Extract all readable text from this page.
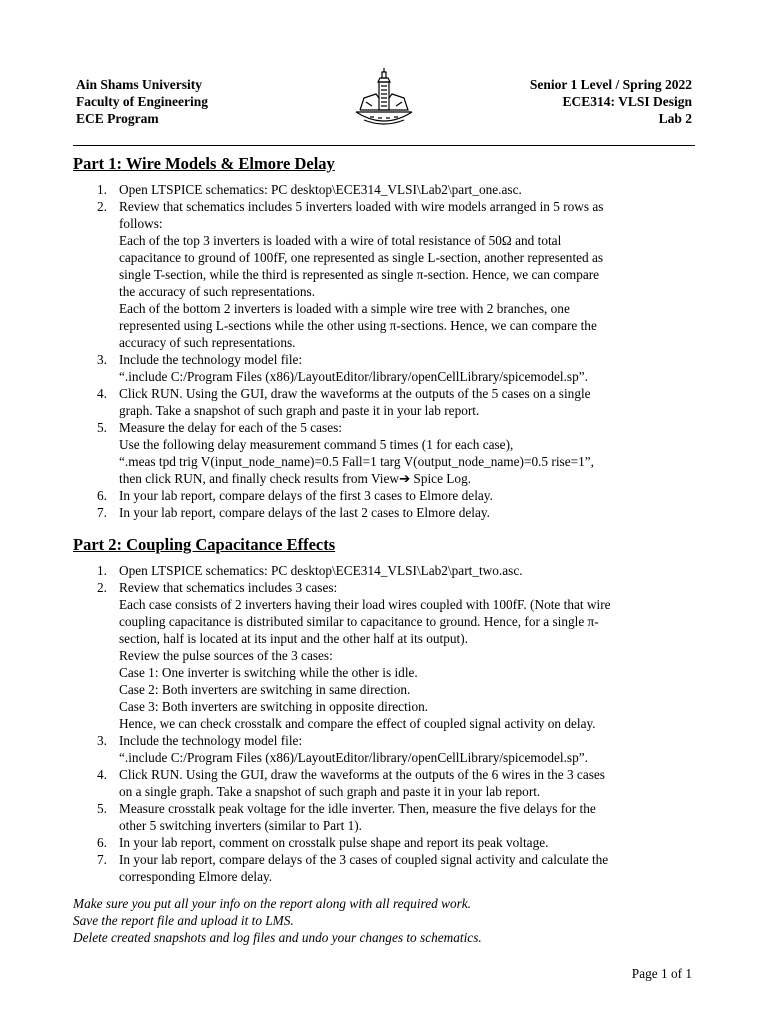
Ain Shams University
Faculty of Engineering
ECE Program
Senior 1 Level / Spring 2022
ECE314: VLSI Design
Lab 2
Part 1: Wire Models & Elmore Delay
1. Open LTSPICE schematics: PC desktop\ECE314_VLSI\Lab2\part_one.asc.
2. Review that schematics includes 5 inverters loaded with wire models arranged in 5 rows as
follows:
Each of the top 3 inverters is loaded with a wire of total resistance of 50Ω and total
capacitance to ground of 100fF, one represented as single L-section, another represented as
single T-section, while the third is represented as single π-section. Hence, we can compare
the accuracy of such representations.
Each of the bottom 2 inverters is loaded with a simple wire tree with 2 branches, one
represented using L-sections while the other using π-sections. Hence, we can compare the
accuracy of such representations.
3. Include the technology model file:
“.include C:/Program Files (x86)/LayoutEditor/library/openCellLibrary/spicemodel.sp”.
4. Click RUN. Using the GUI, draw the waveforms at the outputs of the 5 cases on a single
graph. Take a snapshot of such graph and paste it in your lab report.
5. Measure the delay for each of the 5 cases:
Use the following delay measurement command 5 times (1 for each case),
“.meas tpd trig V(input_node_name)=0.5 Fall=1 targ V(output_node_name)=0.5 rise=1”,
then click RUN, and finally check results from View➔ Spice Log.
6. In your lab report, compare delays of the first 3 cases to Elmore delay.
7. In your lab report, compare delays of the last 2 cases to Elmore delay.
Part 2: Coupling Capacitance Effects
1. Open LTSPICE schematics: PC desktop\ECE314_VLSI\Lab2\part_two.asc.
2. Review that schematics includes 3 cases:
Each case consists of 2 inverters having their load wires coupled with 100fF. (Note that wire
coupling capacitance is distributed similar to capacitance to ground. Hence, for a single π-
section, half is located at its input and the other half at its output).
Review the pulse sources of the 3 cases:
Case 1: One inverter is switching while the other is idle.
Case 2: Both inverters are switching in same direction.
Case 3: Both inverters are switching in opposite direction.
Hence, we can check crosstalk and compare the effect of coupled signal activity on delay.
3. Include the technology model file:
“.include C:/Program Files (x86)/LayoutEditor/library/openCellLibrary/spicemodel.sp”.
4. Click RUN. Using the GUI, draw the waveforms at the outputs of the 6 wires in the 3 cases
on a single graph. Take a snapshot of such graph and paste it in your lab report.
5. Measure crosstalk peak voltage for the idle inverter. Then, measure the five delays for the
other 5 switching inverters (similar to Part 1).
6. In your lab report, comment on crosstalk pulse shape and report its peak voltage.
7. In your lab report, compare delays of the 3 cases of coupled signal activity and calculate the
corresponding Elmore delay.
Make sure you put all your info on the report along with all required work.
Save the report file and upload it to LMS.
Delete created snapshots and log files and undo your changes to schematics.
Page 1 of 1
